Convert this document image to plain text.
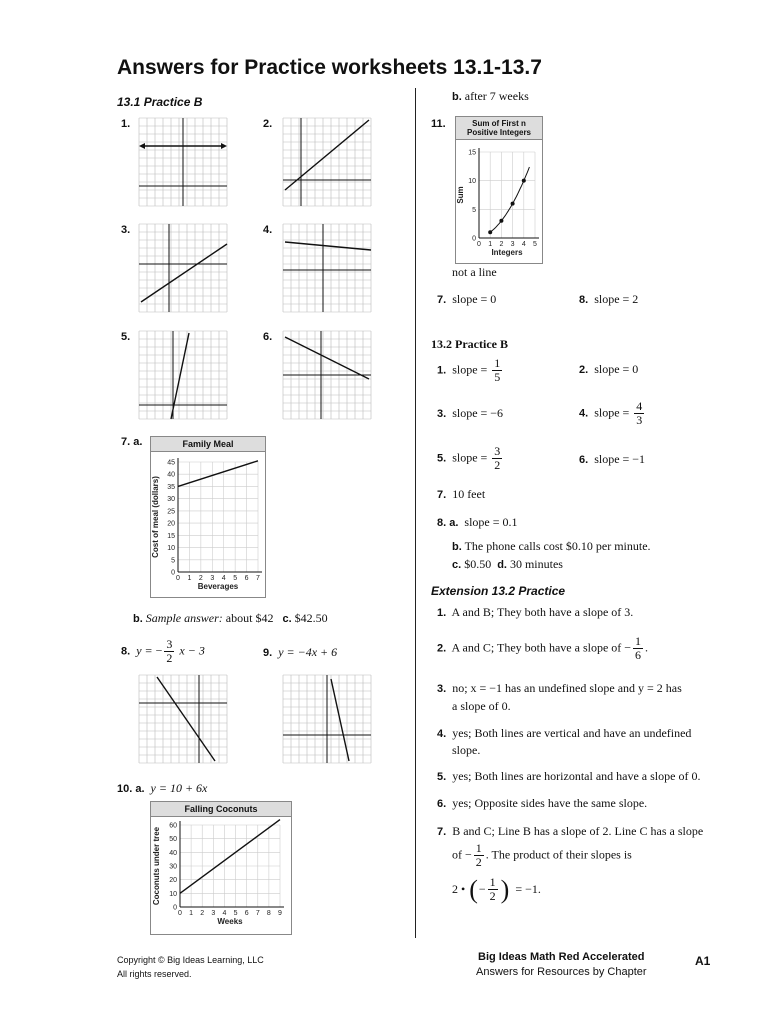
Answers for Practice worksheets 13.1-13.7
13.1 Practice B
1.	2.
3.	4.
5.	6.
7. a.	Family Meal
0 1 2 3 4 5 6 7
0
5
10
15
20
25
30
35
40
45
Beverages
Cost of meal (dollars)
b. Sample answer: about $42 c. $42.50
8. y = − $\frac{3}{2}$ x − 3	9. y = −4x + 6
10. a. y = 10 + 6x
Falling Coconuts
0 1 2 3 4 5 6 7 8 9
0
10
20
30
40
50
60
Weeks
Coconuts under tree
b. after 7 weeks
11.	Sum of First n
Positive Integers
0 1 2 3 4 5
0
5
10
15
Integers
Sum
not a line
7. slope = 0	8. slope = 2
13.2 Practice B
1. slope = $\frac{1}{5}$	2. slope = 0
3. slope = −6	4. slope = $\frac{4}{3}$
5. slope = $\frac{3}{2}$	6. slope = −1
7. 10 feet
8. a. slope = 0.1
b. The phone calls cost $0.10 per minute.
c. $0.50 d. 30 minutes
Extension 13.2 Practice
1. A and B; They both have a slope of 3.
2. A and C; They both have a slope of − $\frac{1}{6}$ .
3. no; x = −1 has an undefined slope and y = 2 has
a slope of 0.
4. yes; Both lines are vertical and have an undefined
slope.
5. yes; Both lines are horizontal and have a slope of 0.
6. yes; Opposite sides have the same slope.
7. B and C; Line B has a slope of 2. Line C has a slope
of − $\frac{1}{2}$ . The product of their slopes is
2 • ( − $\frac{1}{2}$ ) = −1.
Copyright © Big Ideas Learning, LLC
All rights reserved.
Big Ideas Math Red Accelerated
Answers for Resources by Chapter
A1
